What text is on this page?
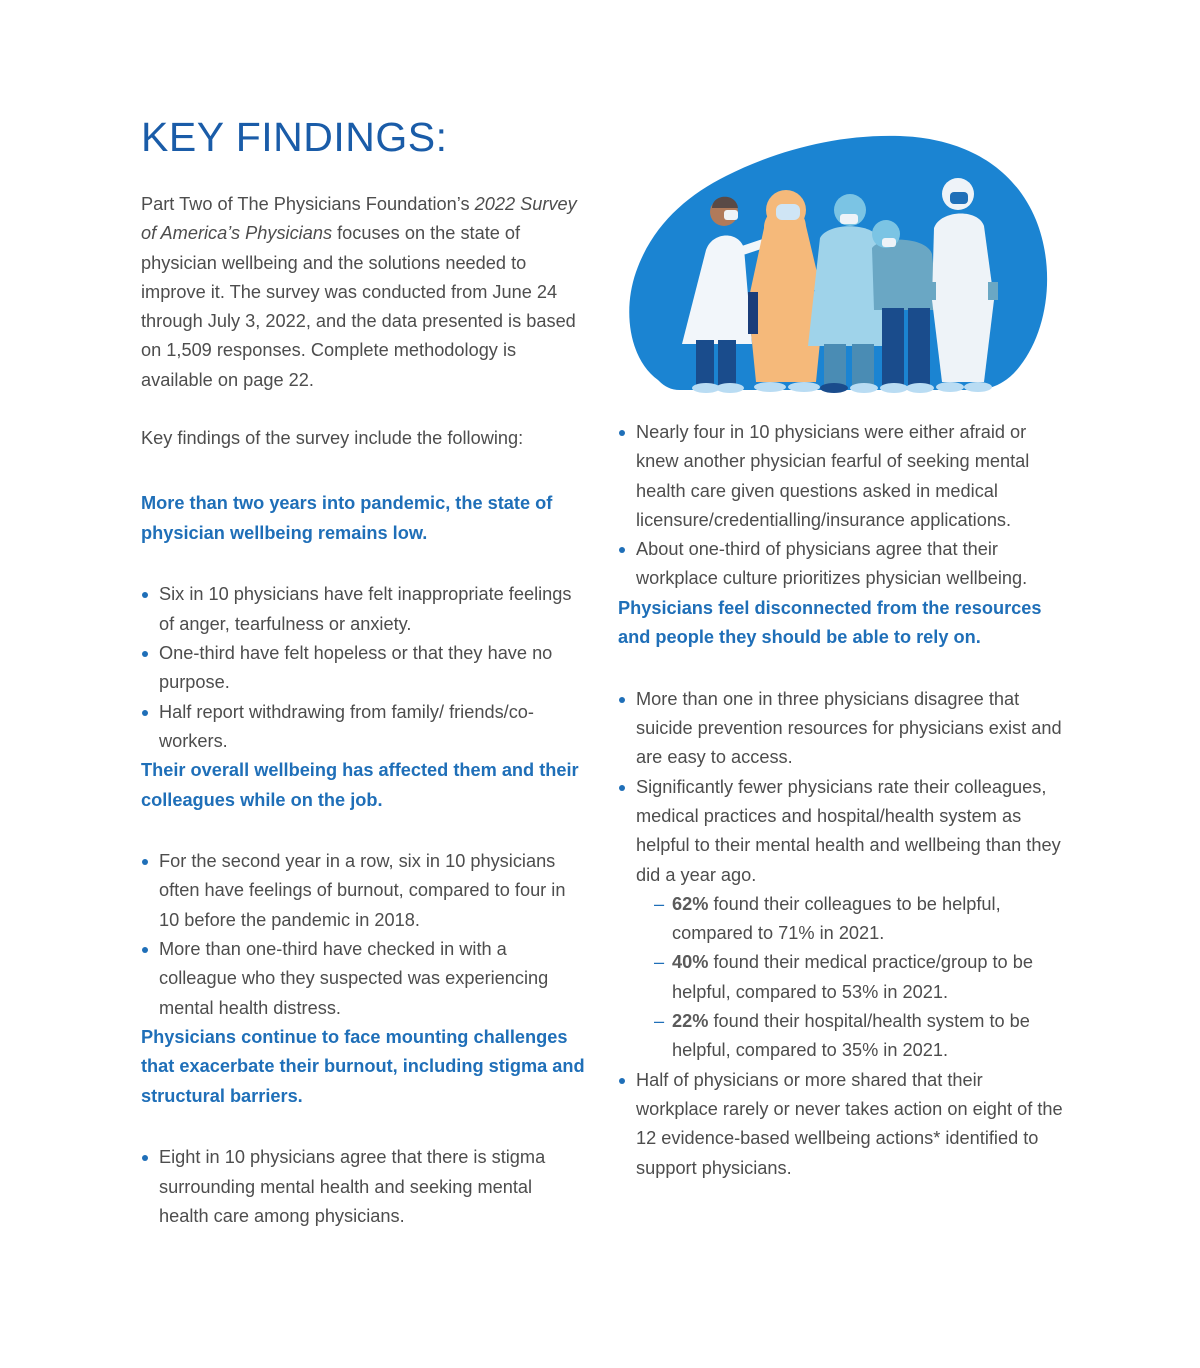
KEY FINDINGS:

Part Two of The Physicians Foundation’s 2022 Survey of America’s Physicians focuses on the state of physician wellbeing and the solutions needed to improve it. The survey was conducted from June 24 through July 3, 2022, and the data presented is based on 1,509 responses. Complete methodology is available on page 22.

Key findings of the survey include the following:

More than two years into pandemic, the state of physician wellbeing remains low.
Six in 10 physicians have felt inappropriate feelings of anger, tearfulness or anxiety.
One-third have felt hopeless or that they have no purpose.
Half report withdrawing from family/ friends/co-workers.
Their overall wellbeing has affected them and their colleagues while on the job.
For the second year in a row, six in 10 physicians often have feelings of burnout, compared to four in 10 before the pandemic in 2018.
More than one-third have checked in with a colleague who they suspected was experiencing mental health distress.
Physicians continue to face mounting challenges that exacerbate their burnout, including stigma and structural barriers.
Eight in 10 physicians agree that there is stigma surrounding mental health and seeking mental health care among physicians.
Nearly four in 10 physicians were either afraid or knew another physician fearful of seeking mental health care given questions asked in medical licensure/credentialling/insurance applications.
About one-third of physicians agree that their workplace culture prioritizes physician wellbeing.
Physicians feel disconnected from the resources and people they should be able to rely on.
More than one in three physicians disagree that suicide prevention resources for physicians exist and are easy to access.
Significantly fewer physicians rate their colleagues, medical practices and hospital/health system as helpful to their mental health and wellbeing than they did a year ago.
– 62% found their colleagues to be helpful, compared to 71% in 2021.
– 40% found their medical practice/group to be helpful, compared to 53% in 2021.
– 22% found their hospital/health system to be helpful, compared to 35% in 2021.
Half of physicians or more shared that their workplace rarely or never takes action on eight of the 12 evidence-based wellbeing actions* identified to support physicians.
